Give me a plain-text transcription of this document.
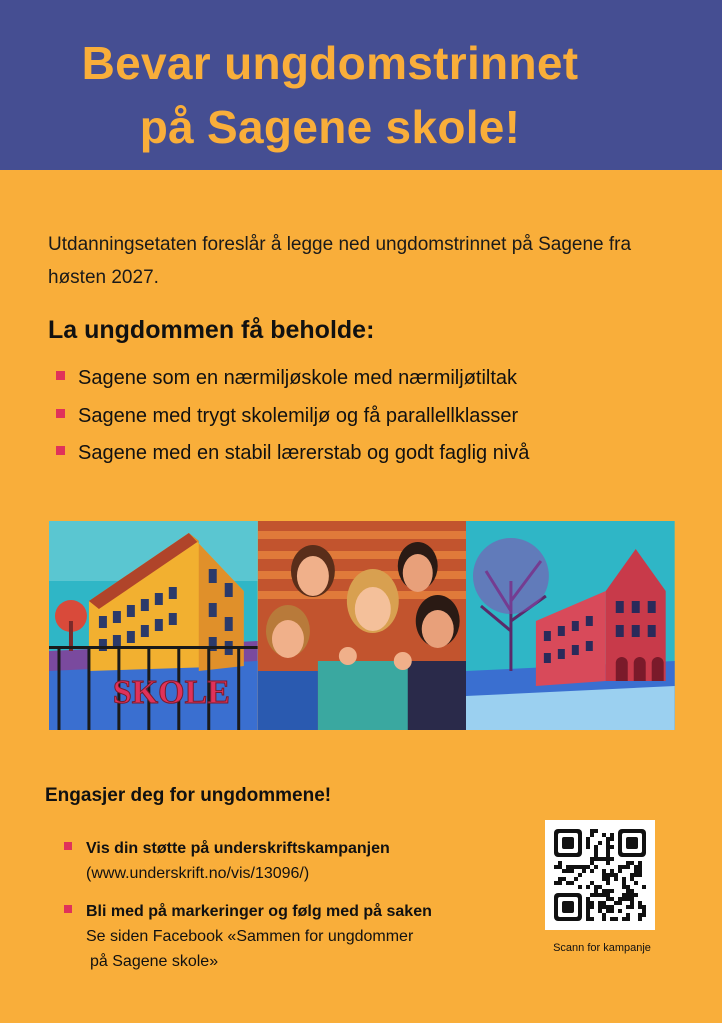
Bevar ungdomstrinnet
på Sagene skole!

Utdanningsetaten foreslår å legge ned ungdomstrinnet på Sagene fra høsten 2027.

La ungdommen få beholde:
Sagene som en nærmiljøskole med nærmiljøtiltak
Sagene med trygt skolemiljø og få parallellklasser
Sagene med en stabil lærerstab og godt faglig nivå
SKOLE
Engasjer deg for ungdommene!
Vis din støtte på underskriftskampanjen
(www.underskrift.no/vis/13096/)
Bli med på markeringer og følg med på saken
Se siden Facebook «Sammen for ungdommer
på Sagene skole»
Scann for kampanje
